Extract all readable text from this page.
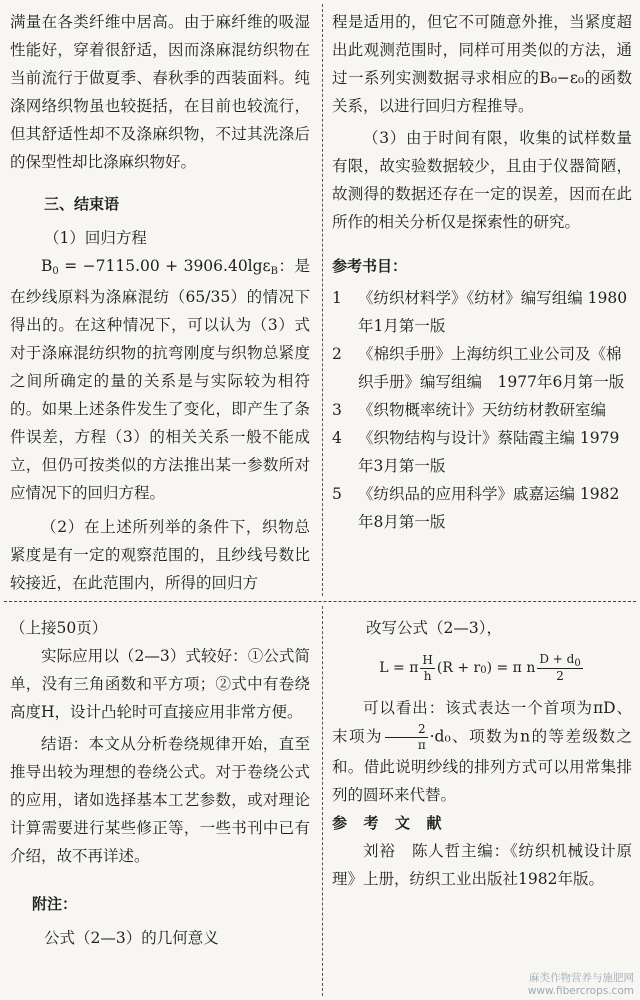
满量在各类纤维中居高。由于麻纤维的吸湿性能好，穿着很舒适，因而涤麻混纺织物在当前流行于做夏季、春秋季的西装面料。纯涤网络织物虽也较挺括，在目前也较流行，但其舒适性却不及涤麻织物，不过其洗涤后的保型性却比涤麻织物好。

三、结束语

（1）回归方程

B0 = −7115.00 + 3906.40lgεB：是在纱线原料为涤麻混纺（65/35）的情况下得出的。在这种情况下，可以认为（3）式对于涤麻混纺织物的抗弯刚度与织物总紧度之间所确定的量的关系是与实际较为相符的。如果上述条件发生了变化，即产生了条件误差，方程（3）的相关关系一般不能成立，但仍可按类似的方法推出某一参数所对应情况下的回归方程。

（2）在上述所列举的条件下，织物总紧度是有一定的观察范围的，且纱线号数比较接近，在此范围内，所得的回归方

程是适用的，但它不可随意外推，当紧度超出此观测范围时，同样可用类似的方法，通过一系列实测数据寻求相应的B₀−ε₀的函数关系，以进行回归方程推导。

（3）由于时间有限，收集的试样数量有限，故实验数据较少，且由于仪器简陋，故测得的数据还存在一定的误差，因而在此所作的相关分析仅是探索性的研究。

参考书目：

1	《纺织材料学》《纺材》编写组编 1980年1月第一版
2	《棉织手册》上海纺织工业公司及《棉织手册》编写组编　1977年6月第一版
3	《织物概率统计》天纺纺材教研室编
4	《织物结构与设计》蔡陆霞主编 1979年3月第一版
5	《纺织品的应用科学》戚嘉运编 1982年8月第一版

（上接50页）

实际应用以（2—3）式较好：①公式简单，没有三角函数和平方项；②式中有卷绕高度H，设计凸轮时可直接应用非常方便。

结语：本文从分析卷绕规律开始，直至推导出较为理想的卷绕公式。对于卷绕公式的应用，诸如选择基本工艺参数，或对理论计算需要进行某些修正等，一些书刊中已有介绍，故不再详述。

附注：

公式（2—3）的几何意义

改写公式（2—3），

L = π $\frac{H}{h} (R + r$ 0 ) = π n $\frac{D + d_0}{2}$

可以看出：该式表达一个首项为πD、末项为 $\frac{2}{\pi} \cdot d_0$、项数为n的等差级数之和。借此说明纱线的排列方式可以用常集排列的圆环来代替。

参考文献

刘裕　陈人哲主编：《纺织机械设计原理》上册，纺织工业出版社1982年版。

麻类作物营养与施肥网
www.fibercrops.com
